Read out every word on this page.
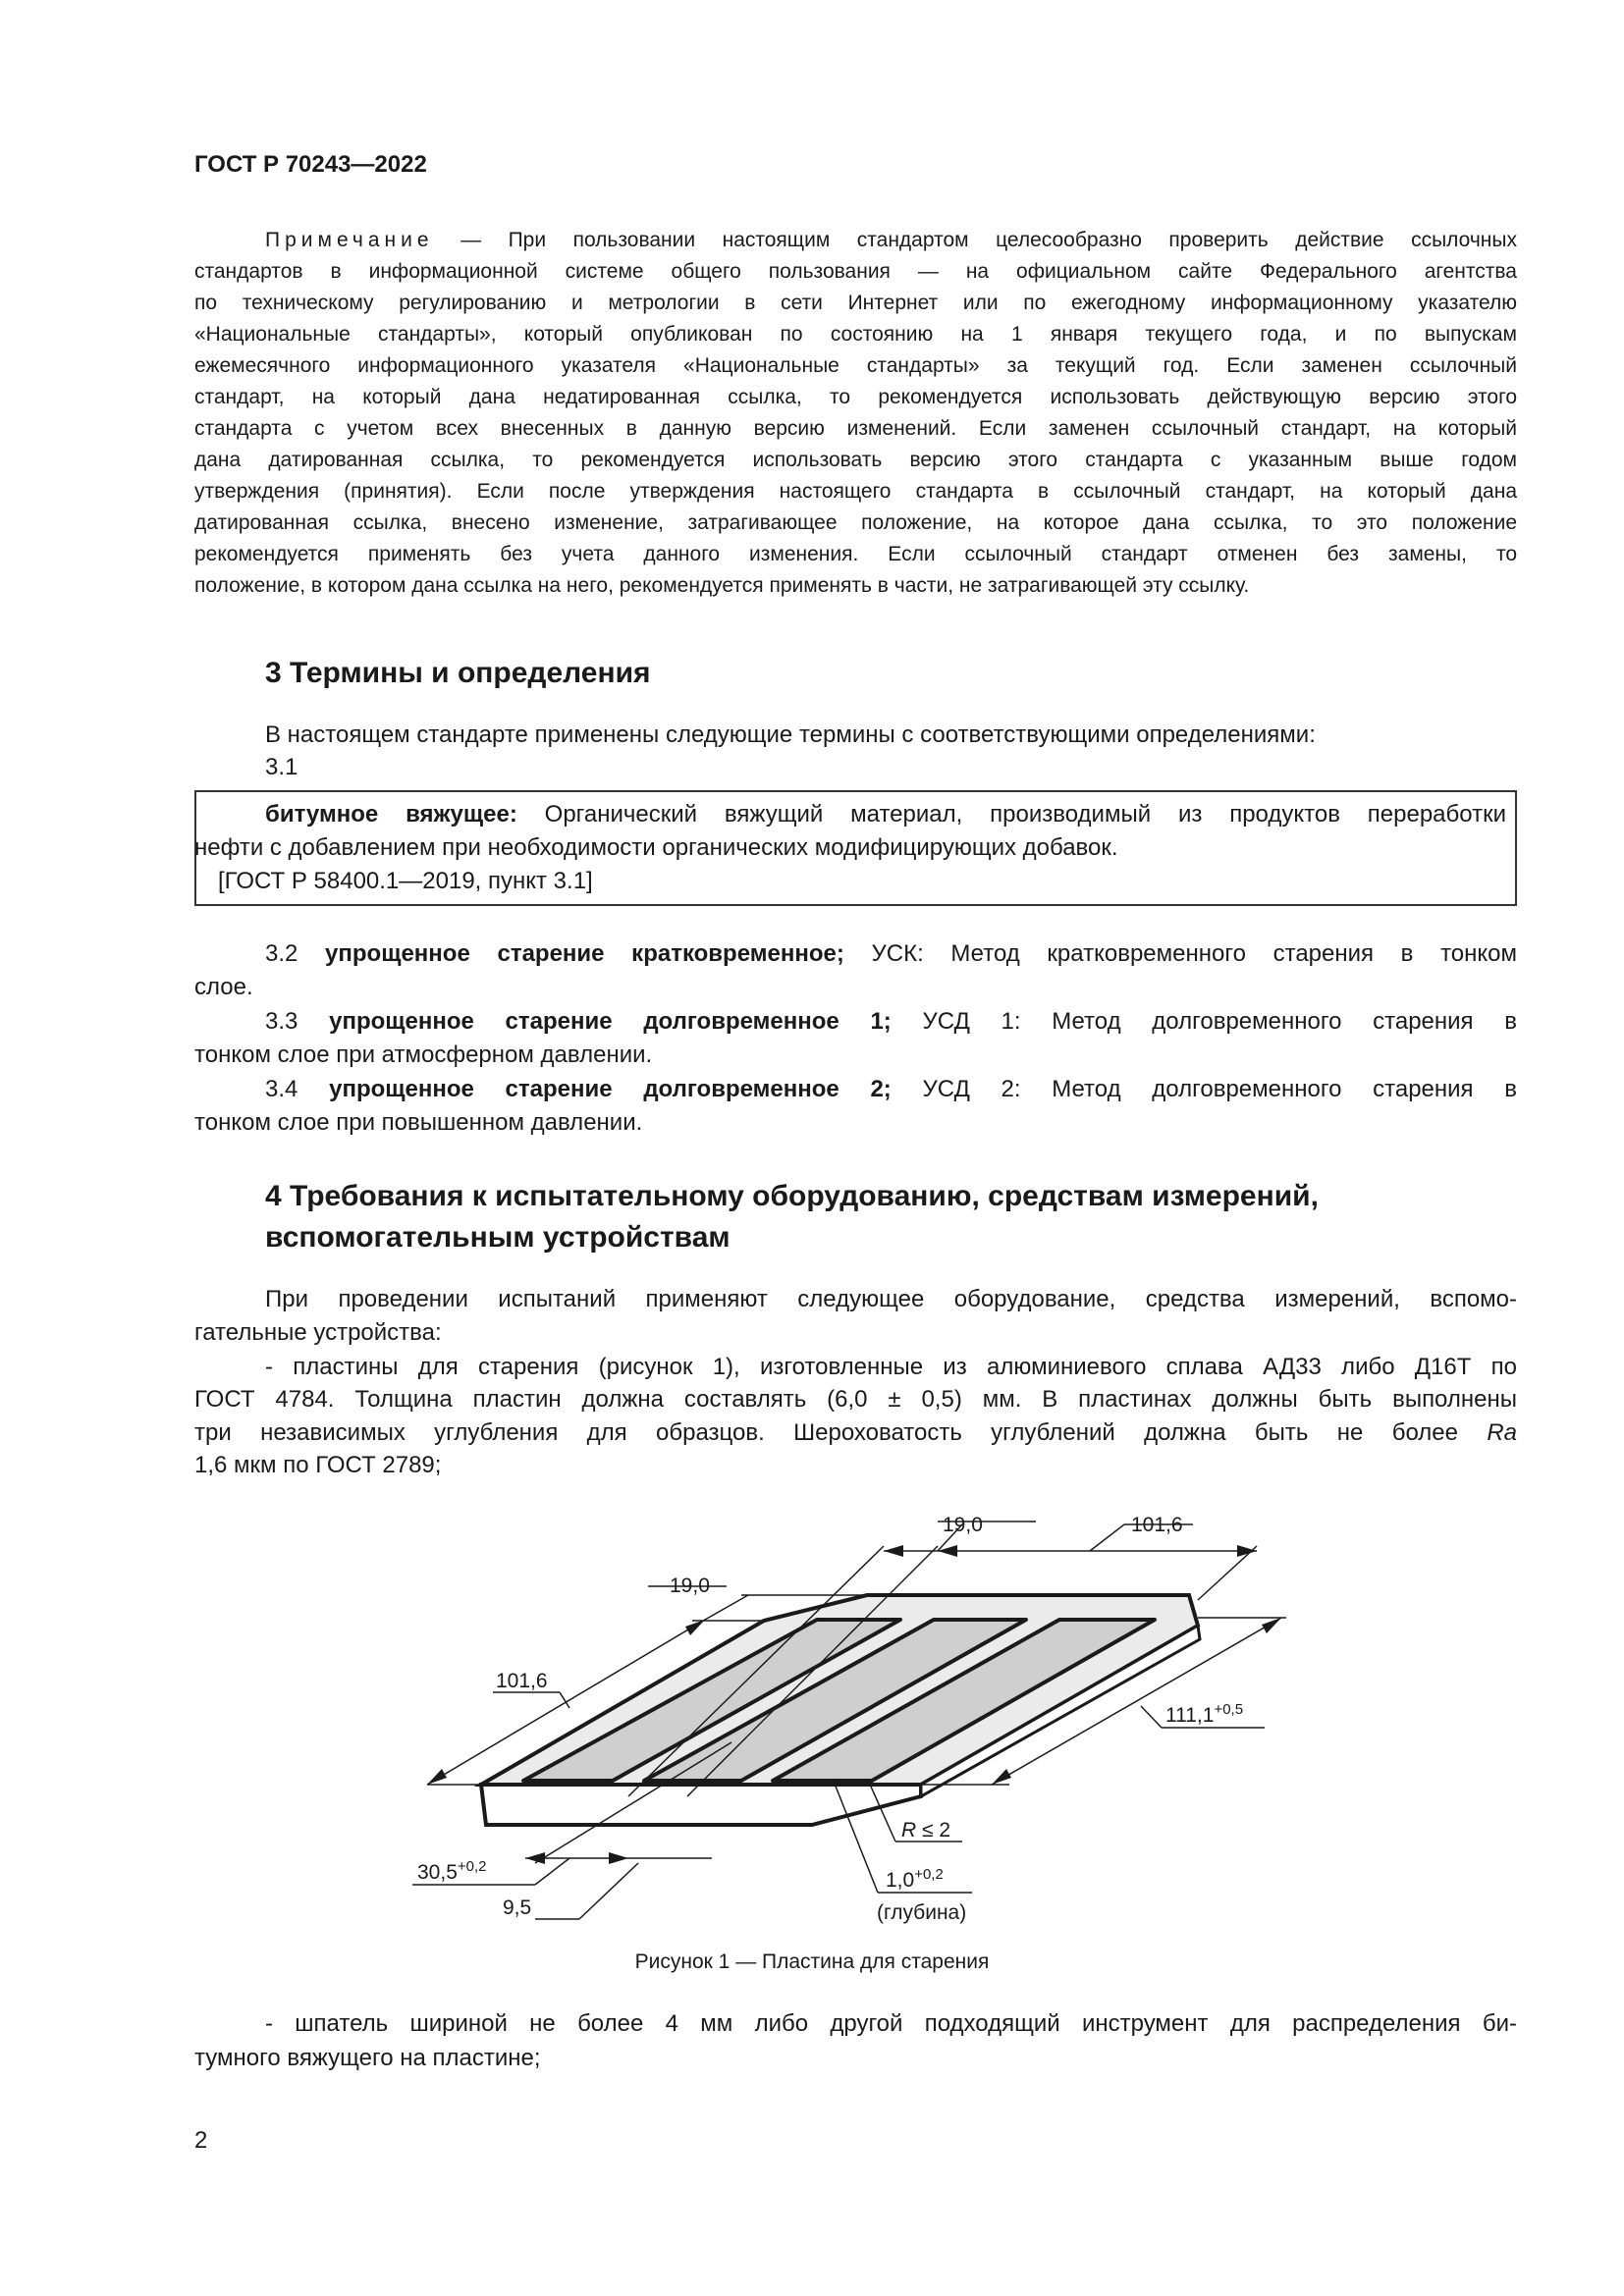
ГОСТ Р 70243—2022
Примечание — При пользовании настоящим стандартом целесообразно проверить действие ссылочных
стандартов в информационной системе общего пользования — на официальном сайте Федерального агентства
по техническому регулированию и метрологии в сети Интернет или по ежегодному информационному указателю
«Национальные стандарты», который опубликован по состоянию на 1 января текущего года, и по выпускам
ежемесячного информационного указателя «Национальные стандарты» за текущий год. Если заменен ссылочный
стандарт, на который дана недатированная ссылка, то рекомендуется использовать действующую версию этого
стандарта с учетом всех внесенных в данную версию изменений. Если заменен ссылочный стандарт, на который
дана датированная ссылка, то рекомендуется использовать версию этого стандарта с указанным выше годом
утверждения (принятия). Если после утверждения настоящего стандарта в ссылочный стандарт, на который дана
датированная ссылка, внесено изменение, затрагивающее положение, на которое дана ссылка, то это положение
рекомендуется применять без учета данного изменения. Если ссылочный стандарт отменен без замены, то
положение, в котором дана ссылка на него, рекомендуется применять в части, не затрагивающей эту ссылку.
3 Термины и определения
В настоящем стандарте применены следующие термины с соответствующими определениями:
3.1
битумное вяжущее: Органический вяжущий материал, производимый из продуктов переработки
нефти с добавлением при необходимости органических модифицирующих добавок.
[ГОСТ Р 58400.1—2019, пункт 3.1]
3.2 упрощенное старение кратковременное; УСК: Метод кратковременного старения в тонком
слое.
3.3 упрощенное старение долговременное 1; УСД 1: Метод долговременного старения в
тонком слое при атмосферном давлении.
3.4 упрощенное старение долговременное 2; УСД 2: Метод долговременного старения в
тонком слое при повышенном давлении.
4 Требования к испытательному оборудованию, средствам измерений,
вспомогательным устройствам
При проведении испытаний применяют следующее оборудование, средства измерений, вспомо-
гательные устройства:
- пластины для старения (рисунок 1), изготовленные из алюминиевого сплава АД33 либо Д16Т по
ГОСТ 4784. Толщина пластин должна составлять (6,0 ± 0,5) мм. В пластинах должны быть выполнены
три независимых углубления для образцов. Шероховатость углублений должна быть не более Ra
1,6 мкм по ГОСТ 2789;
19,0	101,6
19,0
101,6
$111,1^{+0,5}$
R ≤ 2
$30,5^{+0,2}$
9,5
$1,0^{+0,2}$
(глубина)
Рисунок 1 — Пластина для старения
- шпатель шириной не более 4 мм либо другой подходящий инструмент для распределения би-
тумного вяжущего на пластине;
2
